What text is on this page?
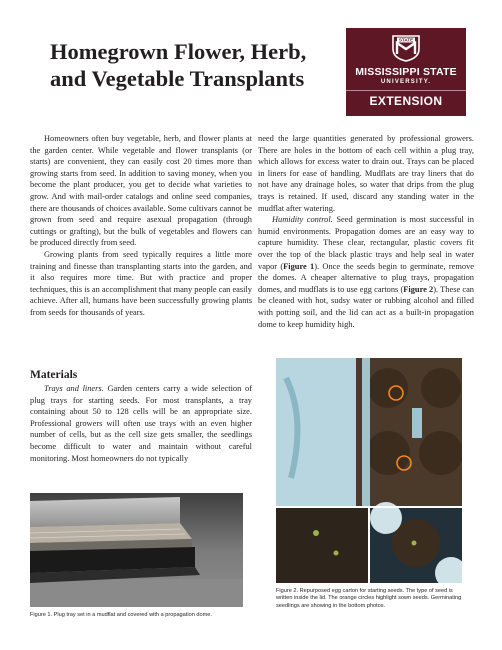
Homegrown Flower, Herb, and Vegetable Transplants
STATE
MISSISSIPPI STATE
UNIVERSITY.
EXTENSION

Homeowners often buy vegetable, herb, and flower plants at the garden center. While vegetable and flower transplants (or starts) are convenient, they can easily cost 20 times more than growing starts from seed. In addition to saving money, when you become the plant producer, you get to decide what varieties to grow. And with mail-order catalogs and online seed companies, there are thousands of choices available. Some cultivars cannot be grown from seed and require asexual propagation (through cuttings or grafting), but the bulk of vegetables and flowers can be produced directly from seed.

Growing plants from seed typically requires a little more training and finesse than transplanting starts into the garden, and it also requires more time. But with practice and proper techniques, this is an accomplishment that many people can easily achieve. After all, humans have been successfully growing plants from seeds for thousands of years.

need the large quantities generated by professional growers. There are holes in the bottom of each cell within a plug tray, which allows for excess water to drain out. Trays can be placed in liners for ease of handling. Mudflats are tray liners that do not have any drainage holes, so water that drips from the plug trays is retained. If used, discard any standing water in the mudflat after watering.

Humidity control. Seed germination is most successful in humid environments. Propagation domes are an easy way to capture humidity. These clear, rectangular, plastic covers fit over the top of the black plastic trays and help seal in water vapor (Figure 1). Once the seeds begin to germinate, remove the domes. A cheaper alternative to plug trays, propagation domes, and mudflats is to use egg cartons (Figure 2). These can be cleaned with hot, sudsy water or rubbing alcohol and filled with potting soil, and the lid can act as a built-in propagation dome to keep humidity high.

Materials

Trays and liners. Garden centers carry a wide selection of plug trays for starting seeds. For most transplants, a tray containing about 50 to 128 cells will be an appropriate size. Professional growers will often use trays with an even higher number of cells, but as the cell size gets smaller, the seedlings become difficult to water and maintain without careful monitoring. Most homeowners do not typically

Figure 1. Plug tray set in a mudflat and covered with a propagation dome.
Figure 2. Repurposed egg carton for starting seeds. The type of seed is written inside the lid. The orange circles highlight sown seeds. Germinating seedlings are showing in the bottom photos.
